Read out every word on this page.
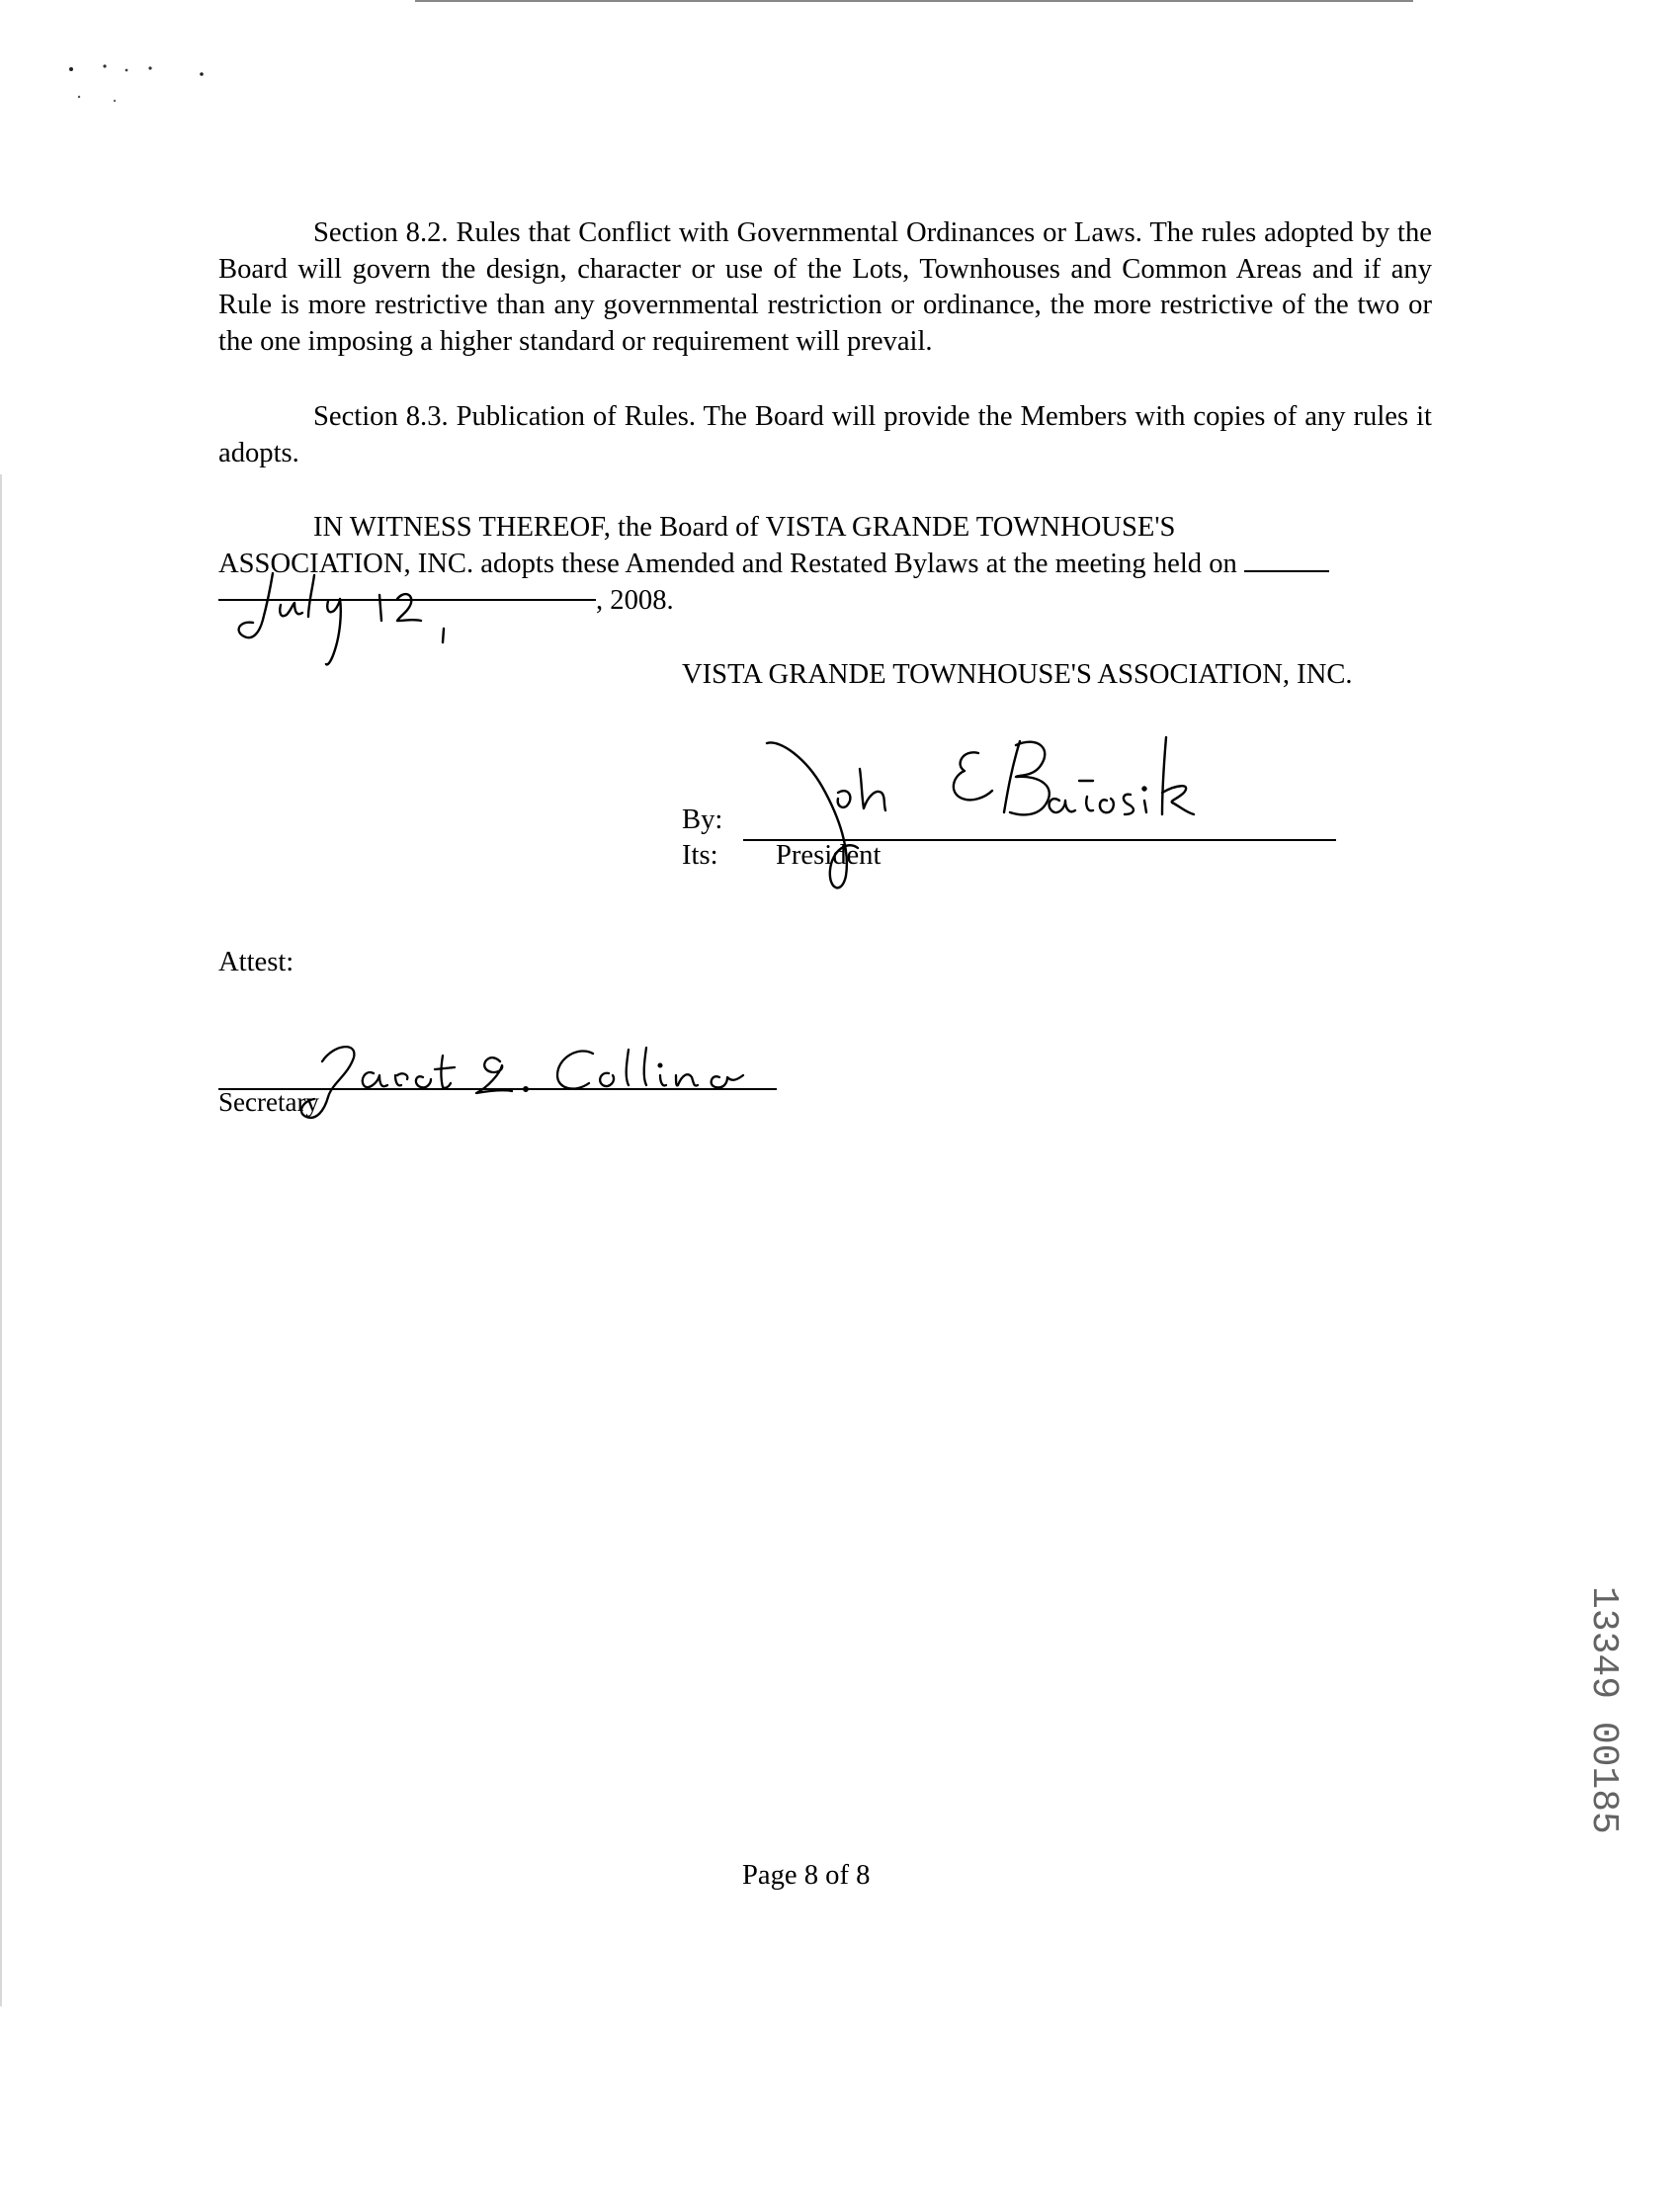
Section 8.2. Rules that Conflict with Governmental Ordinances or Laws. The rules adopted by the Board will govern the design, character or use of the Lots, Townhouses and Common Areas and if any Rule is more restrictive than any governmental restriction or ordinance, the more restrictive of the two or the one imposing a higher standard or requirement will prevail.

Section 8.3. Publication of Rules. The Board will provide the Members with copies of any rules it adopts.

IN WITNESS THEREOF, the Board of VISTA GRANDE TOWNHOUSE'S
ASSOCIATION, INC. adopts these Amended and Restated Bylaws at the meeting held on
, 2008.
VISTA GRANDE TOWNHOUSE'S ASSOCIATION, INC.
By:
Its: President
Attest:
Secretary
Page 8 of 8
13349 00185
